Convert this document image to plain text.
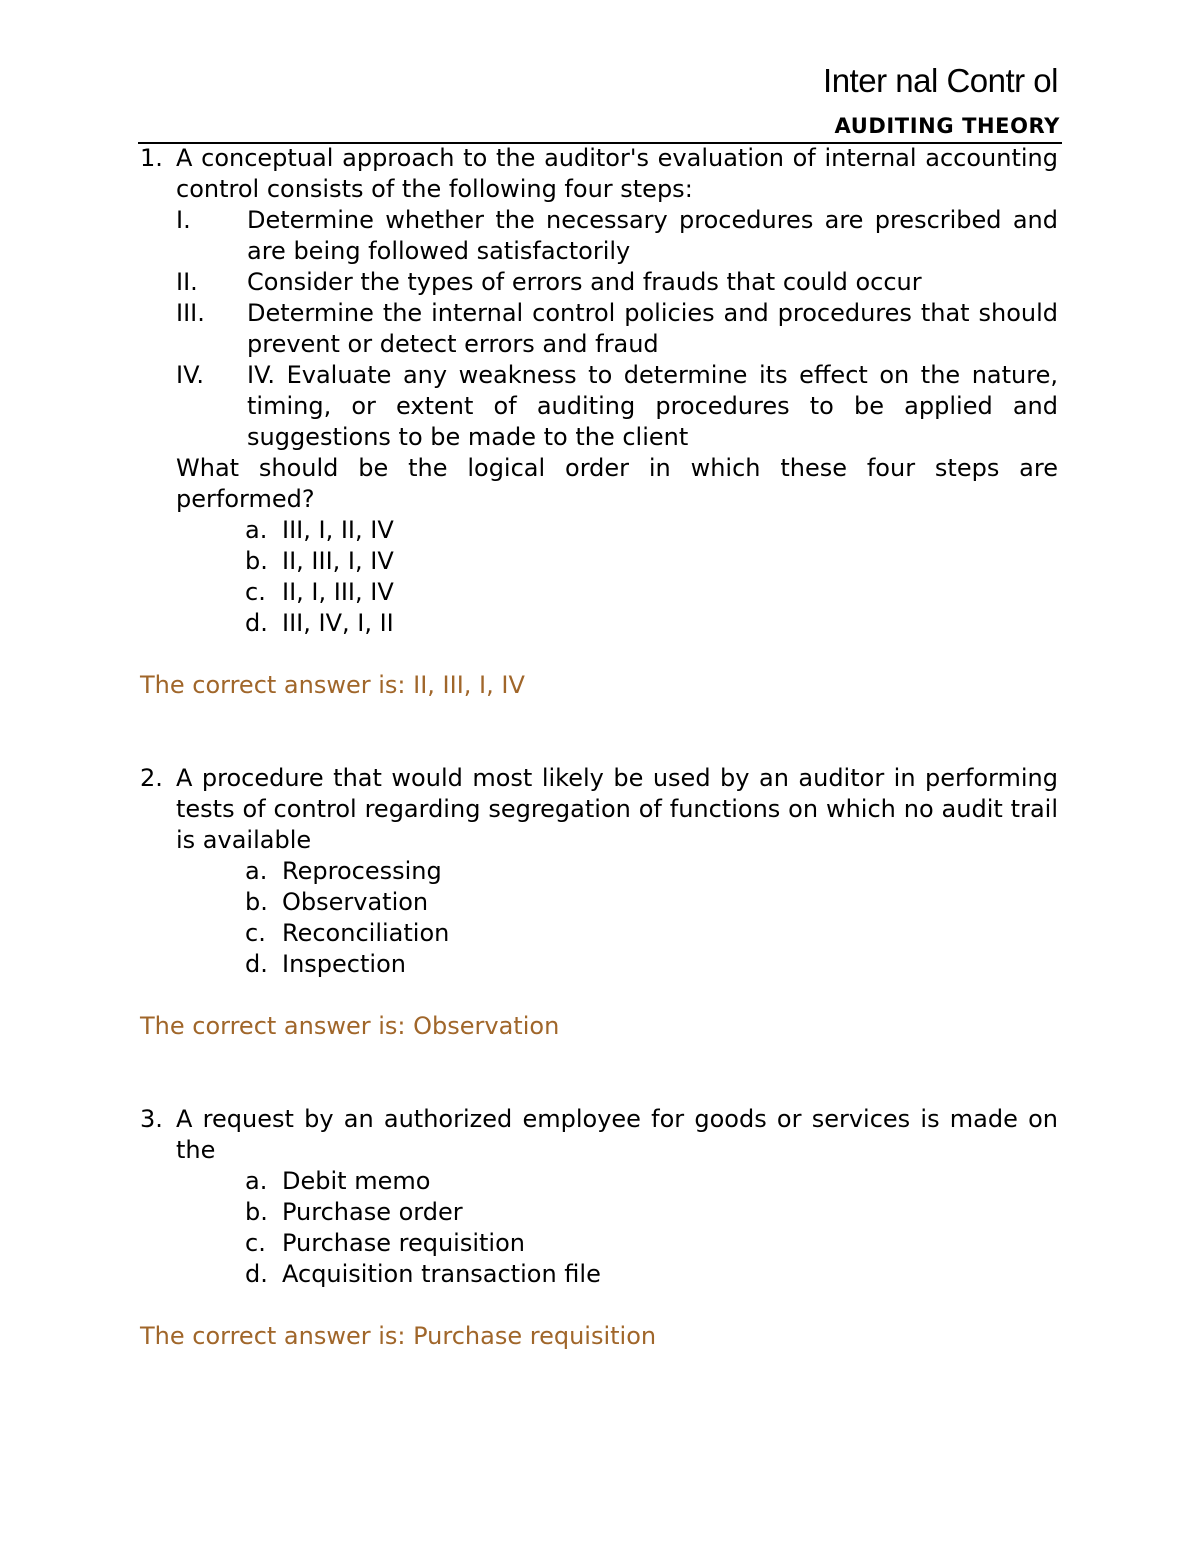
Inter nal Contr ol
AUDITING THEORY
1. A conceptual approach to the auditor's evaluation of internal accounting control consists of the following four steps:
I. Determine whether the necessary procedures are prescribed and are being followed satisfactorily
II. Consider the types of errors and frauds that could occur
III. Determine the internal control policies and procedures that should prevent or detect errors and fraud
IV. IV. Evaluate any weakness to determine its effect on the nature, timing, or extent of auditing procedures to be applied and suggestions to be made to the client
What should be the logical order in which these four steps are performed?
a. III, I, II, IV
b. II, III, I, IV
c. II, I, III, IV
d. III, IV, I, II
The correct answer is: II, III, I, IV
2. A procedure that would most likely be used by an auditor in performing tests of control regarding segregation of functions on which no audit trail is available
a. Reprocessing
b. Observation
c. Reconciliation
d. Inspection
The correct answer is: Observation
3. A request by an authorized employee for goods or services is made on the
a. Debit memo
b. Purchase order
c. Purchase requisition
d. Acquisition transaction file
The correct answer is: Purchase requisition
